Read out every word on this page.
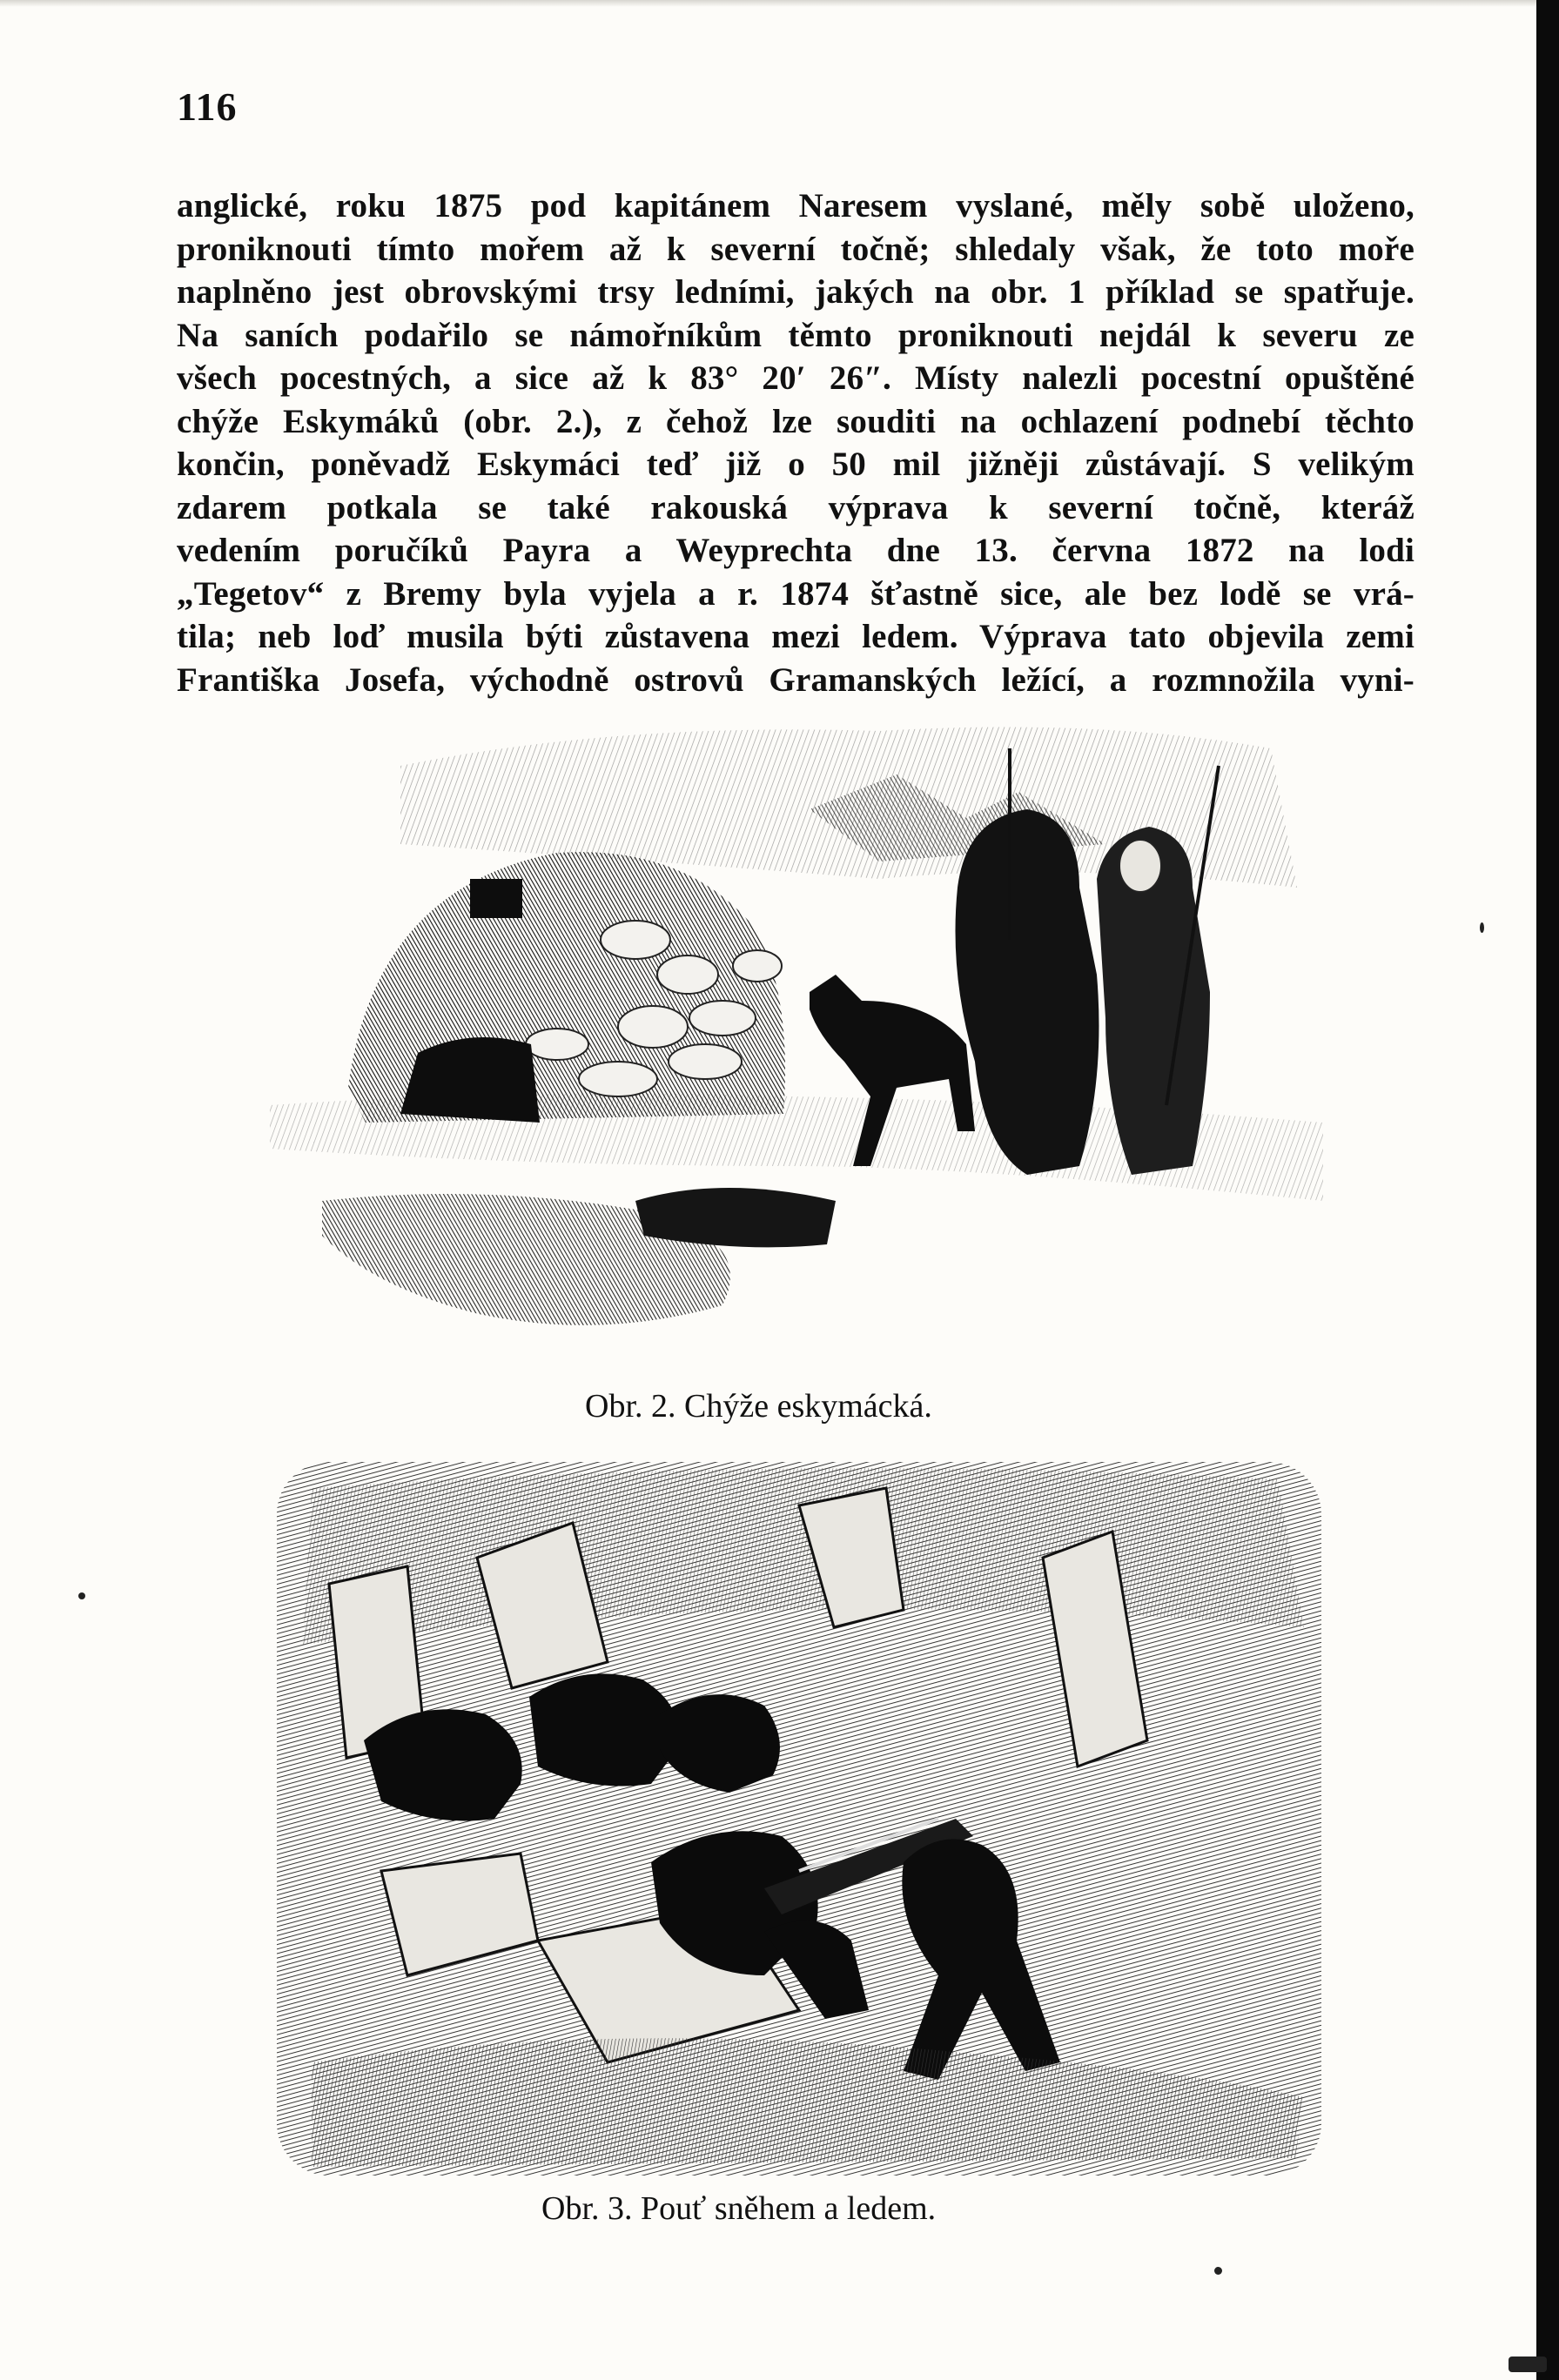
116
anglické, roku 1875 pod kapitánem Naresem vyslané, měly sobě uloženo,
proniknouti tímto mořem až k severní točně; shledaly však, že toto moře
naplněno jest obrovskými trsy ledními, jakých na obr. 1 příklad se spatřuje.
Na saních podařilo se námořníkům těmto proniknouti nejdál k severu ze
všech pocestných, a sice až k 83° 20′ 26″. Místy nalezli pocestní opuštěné
chýže Eskymáků (obr. 2.), z čehož lze souditi na ochlazení podnebí těchto
končin, poněvadž Eskymáci teď již o 50 mil jižněji zůstávají. S velikým
zdarem potkala se také rakouská výprava k severní točně, kteráž
vedením poručíků Payra a Weyprechta dne 13. června 1872 na lodi
„Tegetov“ z Bremy byla vyjela a r. 1874 šťastně sice, ale bez lodě se vrá-
tila; neb loď musila býti zůstavena mezi ledem. Výprava tato objevila zemi
Františka Josefa, východně ostrovů Gramanských ležící, a rozmnožila vyni-
Obr. 2. Chýže eskymácká.
Obr. 3. Pouť sněhem a ledem.
